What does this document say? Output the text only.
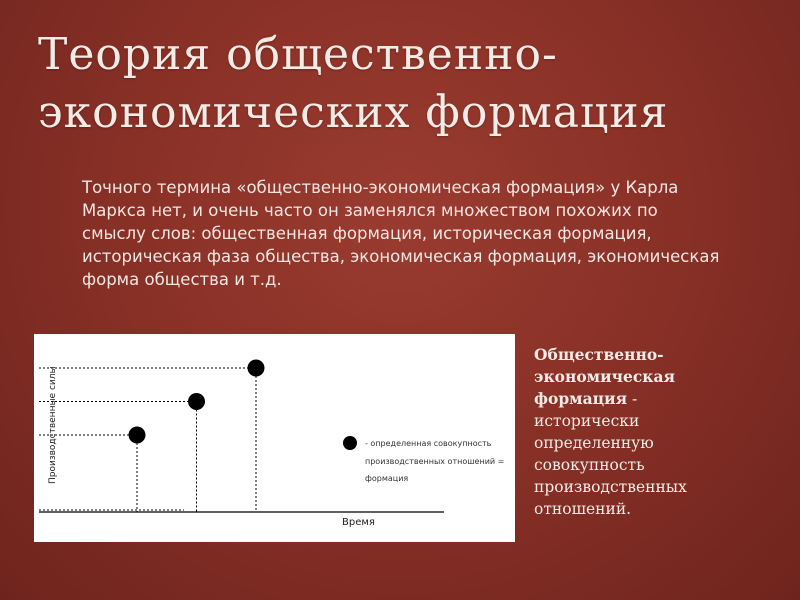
Теория общественно-
экономических формация
Точного термина «общественно-экономическая формация» у Карла Маркса нет, и очень часто он заменялся множеством похожих по смыслу слов: общественная формация, историческая формация, историческая фаза общества, экономическая формация, экономическая форма общества и т.д.
Производственные силы
Время
- определенная совокупность
производственных отношений =
формация
Общественно-экономическая формация - исторически определенную совокупность производственных отношений.
